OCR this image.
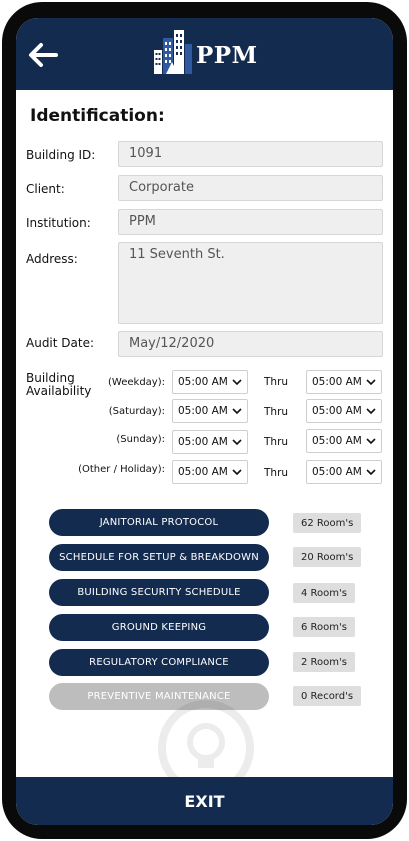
PPM
Identification:
Building ID:	1091
Client:	Corporate
Institution:	PPM
Address:	11 Seventh St.
Audit Date:	May/12/2020
Building
Availability
(Weekday):	05:00 AM	Thru	05:00 AM
(Saturday):	05:00 AM	Thru	05:00 AM
(Sunday):	05:00 AM	Thru	05:00 AM
(Other / Holiday):	05:00 AM	Thru	05:00 AM
JANITORIAL PROTOCOL	62 Room's
SCHEDULE FOR SETUP & BREAKDOWN	20 Room's
BUILDING SECURITY SCHEDULE	4 Room's
GROUND KEEPING	6 Room's
REGULATORY COMPLIANCE	2 Room's
PREVENTIVE MAINTENANCE	0 Record's
EXIT
